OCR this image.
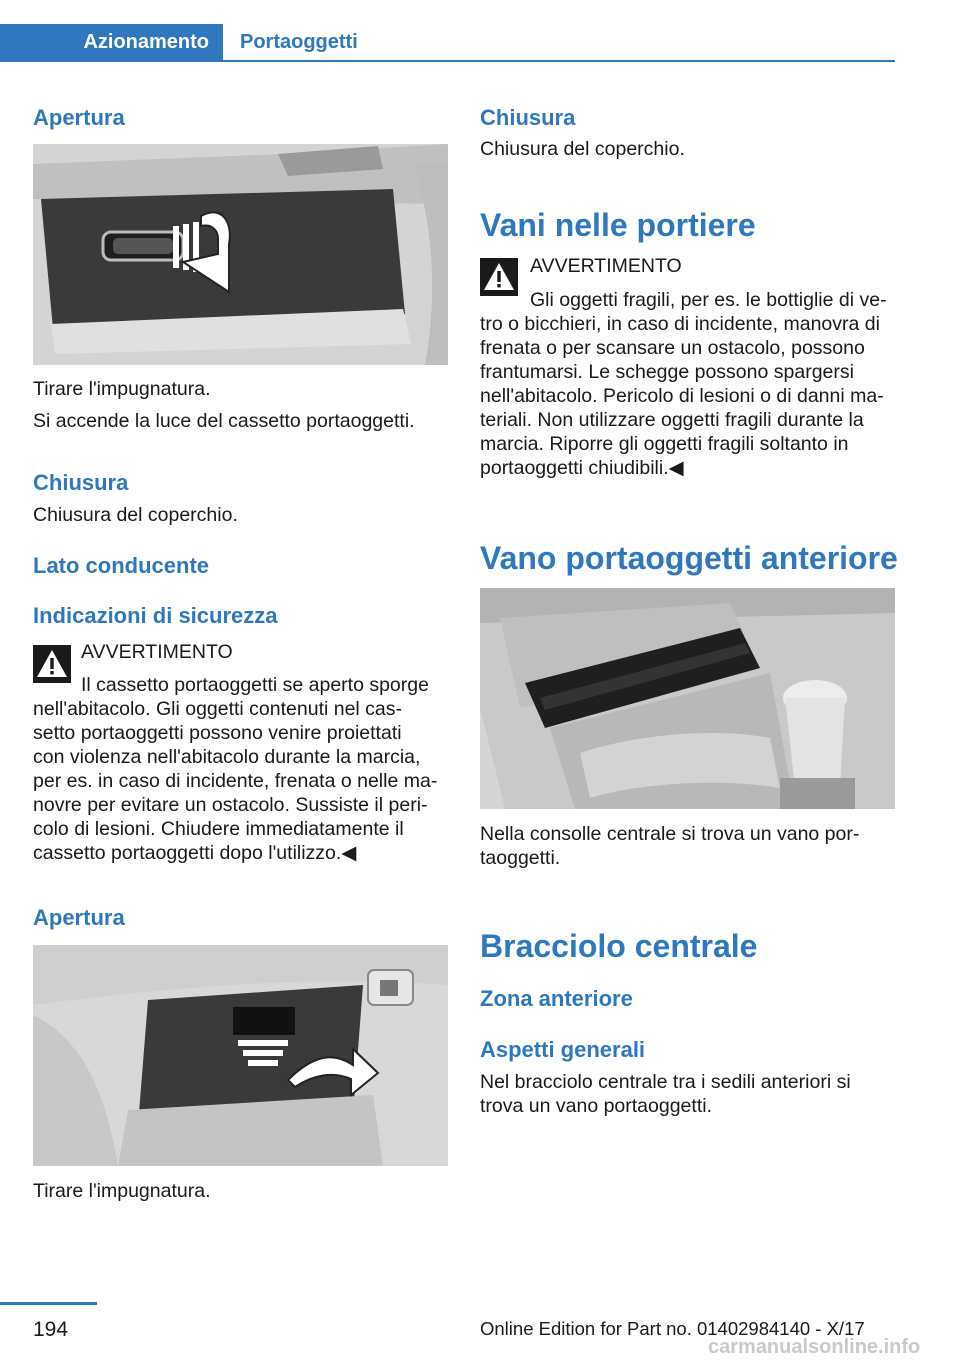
Azionamento	Portaoggetti
Apertura

Tirare l'impugnatura.

Si accende la luce del cassetto portaoggetti.

Chiusura

Chiusura del coperchio.

Lato conducente
Indicazioni di sicurezza

AVVERTIMENTO

Il cassetto portaoggetti se aperto sporge

nell'abitacolo. Gli oggetti contenuti nel cas-

setto portaoggetti possono venire proiettati

con violenza nell'abitacolo durante la marcia,

per es. in caso di incidente, frenata o nelle ma-

novre per evitare un ostacolo. Sussiste il peri-

colo di lesioni. Chiudere immediatamente il

cassetto portaoggetti dopo l'utilizzo.◀

Apertura

Tirare l'impugnatura.

Chiusura

Chiusura del coperchio.

Vani nelle portiere

AVVERTIMENTO

Gli oggetti fragili, per es. le bottiglie di ve-

tro o bicchieri, in caso di incidente, manovra di

frenata o per scansare un ostacolo, possono

frantumarsi. Le schegge possono spargersi

nell'abitacolo. Pericolo di lesioni o di danni ma-

teriali. Non utilizzare oggetti fragili durante la

marcia. Riporre gli oggetti fragili soltanto in

portaoggetti chiudibili.◀

Vano portaoggetti anteriore

Nella consolle centrale si trova un vano por-

taoggetti.

Bracciolo centrale
Zona anteriore
Aspetti generali

Nel bracciolo centrale tra i sedili anteriori si

trova un vano portaoggetti.

194	Online Edition for Part no. 01402984140 - X/17
carmanualsonline.info
